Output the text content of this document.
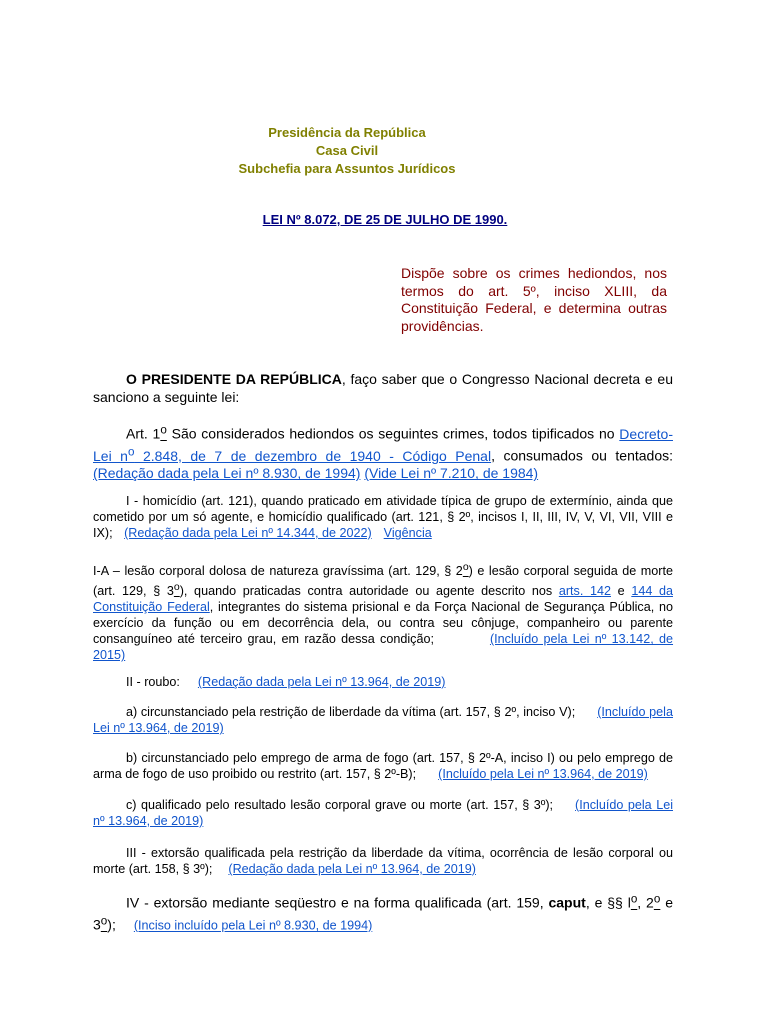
Presidência da República
Casa Civil
Subchefia para Assuntos Jurídicos
LEI Nº 8.072, DE 25 DE JULHO DE 1990.
Dispõe sobre os crimes hediondos, nos termos do art. 5º, inciso XLIII, da Constituição Federal, e determina outras providências.
O PRESIDENTE DA REPÚBLICA, faço saber que o Congresso Nacional decreta e eu sanciono a seguinte lei:
Art. 1$^o$ São considerados hediondos os seguintes crimes, todos tipificados no Decreto-Lei $n^o$ 2.848, de 7 de dezembro de 1940 - Código Penal, consumados ou tentados: (Redação dada pela Lei nº 8.930, de 1994) (Vide Lei nº 7.210, de 1984)
I - homicídio (art. 121), quando praticado em atividade típica de grupo de extermínio, ainda que cometido por um só agente, e homicídio qualificado (art. 121, § 2º, incisos I, II, III, IV, V, VI, VII, VIII e IX); (Redação dada pela Lei nº 14.344, de 2022) Vigência
I-A – lesão corporal dolosa de natureza gravíssima (art. 129, § 2$^o$) e lesão corporal seguida de morte (art. 129, § 3$^o$), quando praticadas contra autoridade ou agente descrito nos arts. 142 e 144 da Constituição Federal, integrantes do sistema prisional e da Força Nacional de Segurança Pública, no exercício da função ou em decorrência dela, ou contra seu cônjuge, companheiro ou parente consanguíneo até terceiro grau, em razão dessa condição;	(Incluído pela Lei nº 13.142, de 2015)
II - roubo: (Redação dada pela Lei nº 13.964, de 2019)
a) circunstanciado pela restrição de liberdade da vítima (art. 157, § 2º, inciso V); (Incluído pela Lei nº 13.964, de 2019)
b) circunstanciado pelo emprego de arma de fogo (art. 157, § 2º-A, inciso I) ou pelo emprego de arma de fogo de uso proibido ou restrito (art. 157, § 2º-B); (Incluído pela Lei nº 13.964, de 2019)
c) qualificado pelo resultado lesão corporal grave ou morte (art. 157, § 3º); (Incluído pela Lei nº 13.964, de 2019)
III - extorsão qualificada pela restrição da liberdade da vítima, ocorrência de lesão corporal ou morte (art. 158, § 3º); (Redação dada pela Lei nº 13.964, de 2019)
IV - extorsão mediante seqüestro e na forma qualificada (art. 159, caput, e §§ $l^o$, 2$^o$ e 3$^o$); (Inciso incluído pela Lei nº 8.930, de 1994)
